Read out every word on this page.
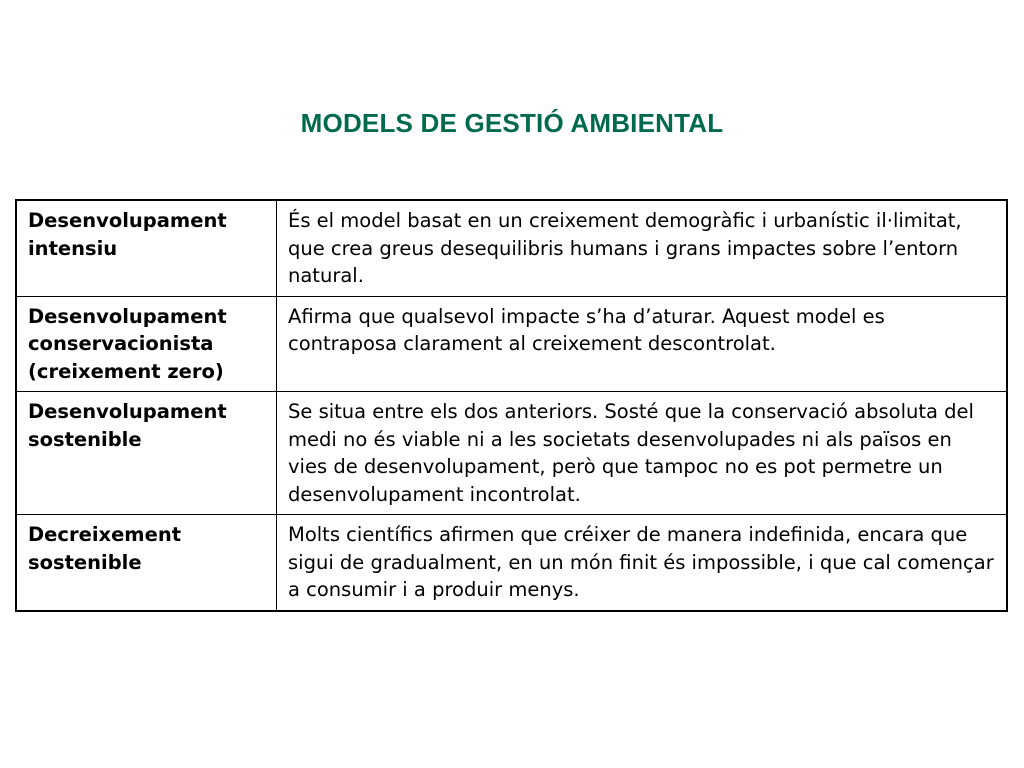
MODELS DE GESTIÓ AMBIENTAL
Desenvolupament
intensiu	És el model basat en un creixement demogràfic i urbanístic il·limitat, que crea greus desequilibris humans i grans impactes sobre l’entorn natural.
Desenvolupament
conservacionista
(creixement zero)	Afirma que qualsevol impacte s’ha d’aturar. Aquest model es contraposa clarament al creixement descontrolat.
Desenvolupament
sostenible	Se situa entre els dos anteriors. Sosté que la conservació absoluta del medi no és viable ni a les societats desenvolupades ni als països en vies de desenvolupament, però que tampoc no es pot permetre un desenvolupament incontrolat.
Decreixement
sostenible	Molts científics afirmen que créixer de manera indefinida, encara que sigui de gradualment, en un món finit és impossible, i que cal començar a consumir i a produir menys.
